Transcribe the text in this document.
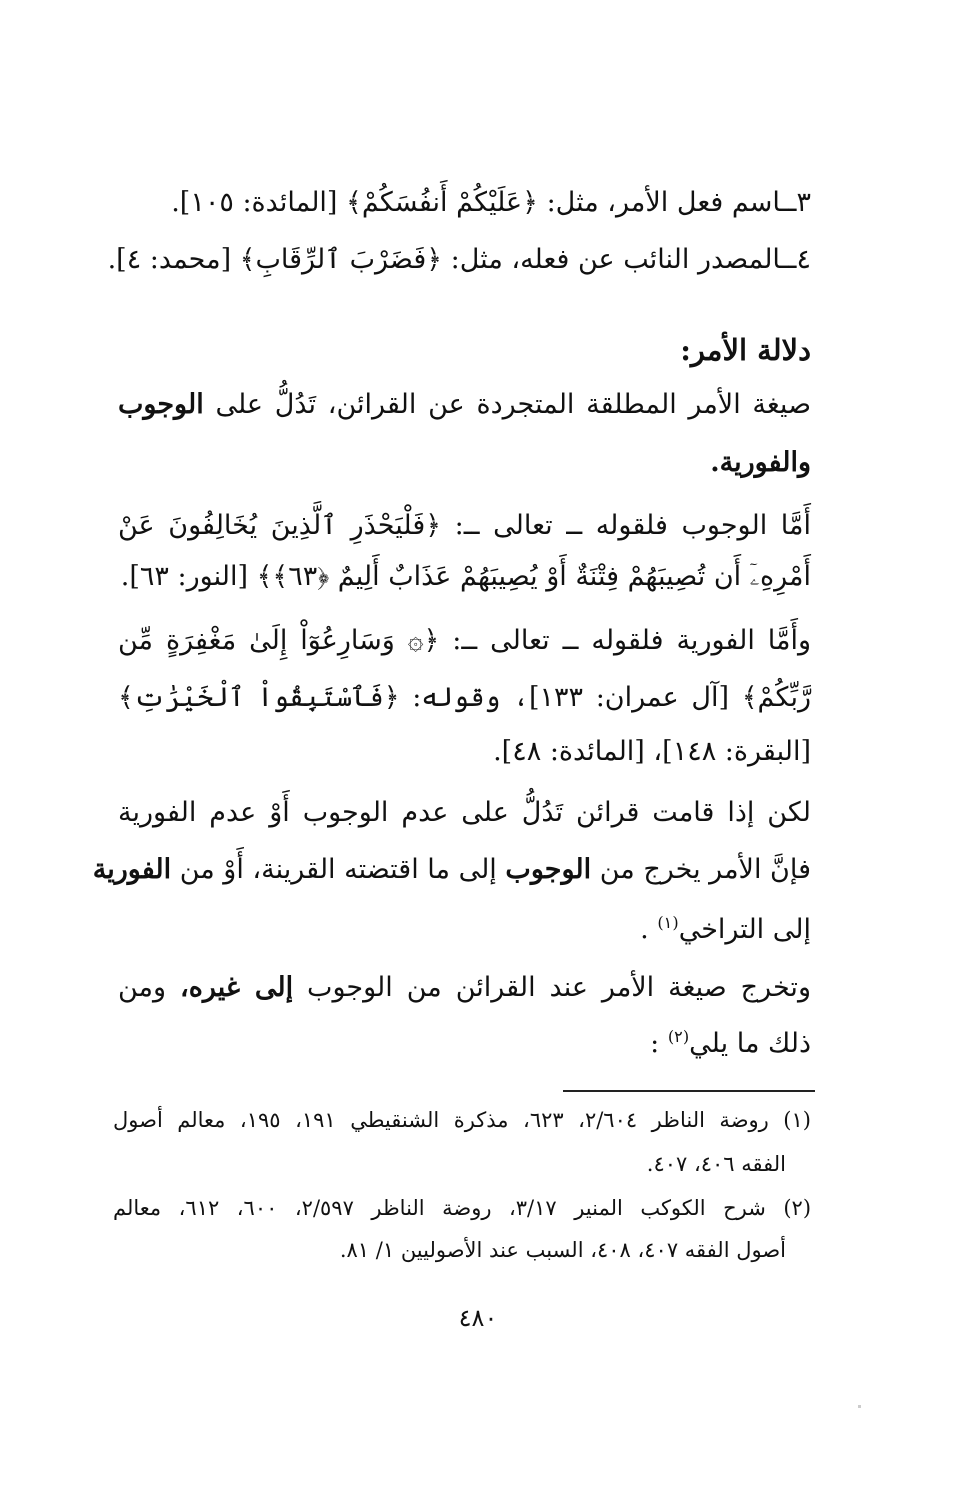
٣ــاسم فعل الأمر، مثل: ﴿عَلَيْكُمْ أَنفُسَكُمْ﴾ [المائدة: ١٠٥].
٤ــالمصدر النائب عن فعله، مثل: ﴿فَضَرْبَ ٱلرِّقَابِ﴾ [محمد: ٤].
دلالة الأمر:
صيغة الأمر المطلقة المتجردة عن القرائن، تَدُلُّ على الوجوب
والفورية.
أَمَّا الوجوب فلقوله ــ تعالى ــ: ﴿فَلْيَحْذَرِ ٱلَّذِينَ يُخَالِفُونَ عَنْ
أَمْرِهِۦٓ أَن تُصِيبَهُمْ فِتْنَةٌ أَوْ يُصِيبَهُمْ عَذَابٌ أَلِيمٌ ﴿٦٣﴾﴾ [النور: ٦٣].
وأَمَّا الفورية فلقوله ــ تعالى ــ: ﴿۞ وَسَارِعُوٓاْ إِلَىٰ مَغْفِرَةٍ مِّن
رَّبِّكُمْ﴾ [آل عمران: ١٣٣]، وقوله: ﴿فَٱسْتَبِقُواْ ٱلْخَيْرَٰتِ﴾
[البقرة: ١٤٨]، [المائدة: ٤٨].
لكن إذا قامت قرائن تَدُلُّ على عدم الوجوب أَوْ عدم الفورية
فإنَّ الأمر يخرج من الوجوب إلى ما اقتضته القرينة، أَوْ من الفورية
إلى التراخي$^{(١)}$ .
وتخرج صيغة الأمر عند القرائن من الوجوب إلى غيره، ومن
ذلك ما يلي$^{(٢)}$ :
(١) روضة الناظر ٢/٦٠٤، ٦٢٣، مذكرة الشنقيطي ١٩١، ١٩٥، معالم أصول
الفقه ٤٠٦، ٤٠٧.
(٢) شرح الكوكب المنير ٣/١٧، روضة الناظر ٢/٥٩٧، ٦٠٠، ٦١٢، معالم
أصول الفقه ٤٠٧، ٤٠٨، السبب عند الأصوليين ١/ ٨١.
٤٨٠
